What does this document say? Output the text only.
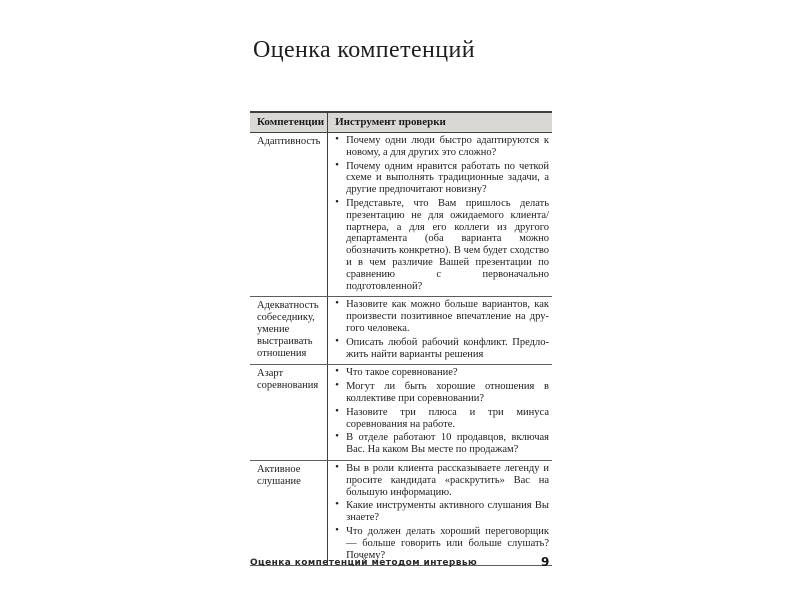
Оценка компетенций
Компетенции	Инструмент проверки
Адаптивность	• Почему одни люди быстро адаптируются к новому, а для других это сложно?
• Почему одним нравится работать по четкой схеме и выполнять традиционные задачи, а другие предпочитают новизну?
• Представьте, что Вам пришлось делать презентацию не для ожидаемого клиента/партнера, а для его коллеги из другого департамента (оба варианта можно обозначить конкретно). В чем будет сходство и в чем различие Вашей презентации по сравнению с первоначально подготовленной?

Адекватность собеседнику, умение выстраивать отношения	
• Назовите как можно больше вариантов, как произвести позитивное впечатление на другого человека.
• Описать любой рабочий конфликт. Предложить найти варианты решения

Азарт соревнования	
• Что такое соревнование?
• Могут ли быть хорошие отношения в коллективе при соревновании?
• Назовите три плюса и три минуса соревнования на работе.
• В отделе работают 10 продавцов, включая Вас. На каком Вы месте по продажам?

Активное слушание	
• Вы в роли клиента рассказываете легенду и просите кандидата «раскрутить» Вас на бо́льшую информацию.
• Какие инструменты активного слушания Вы знаете?
• Что должен делать хороший переговорщик — больше говорить или больше слушать? Почему?
Оценка компетенций методом интервью	9
